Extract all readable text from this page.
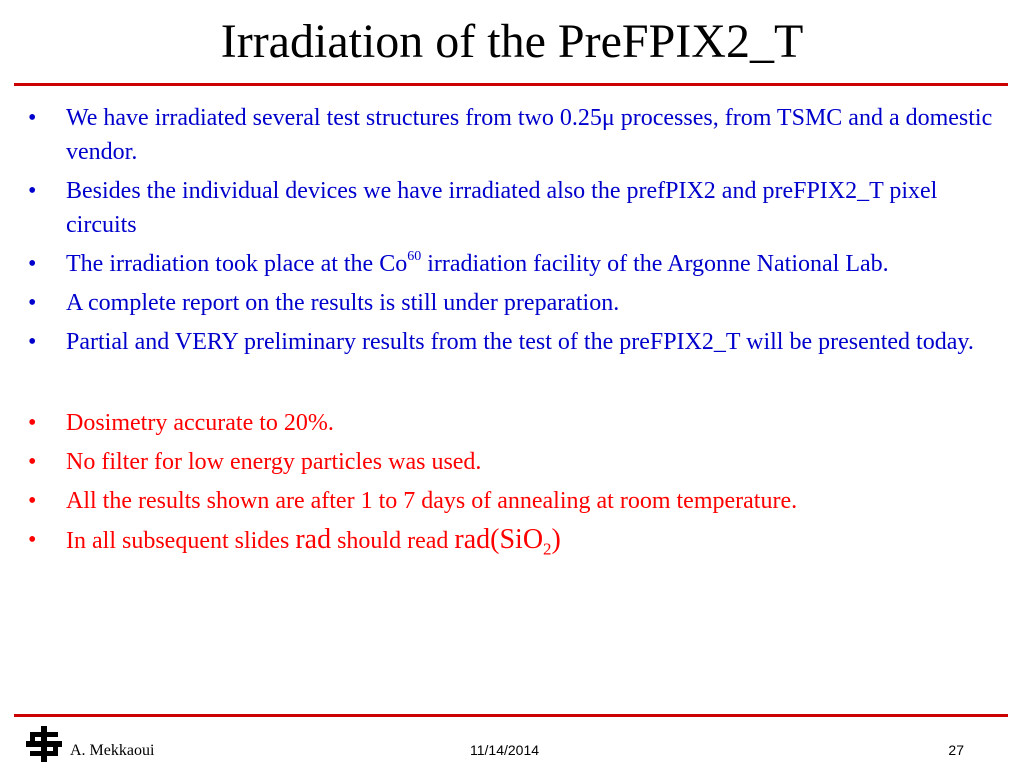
Irradiation of the PreFPIX2_T
• We have irradiated several test structures from two 0.25μ processes, from TSMC and a domestic vendor.
• Besides the individual devices we have irradiated also the prefPIX2 and preFPIX2_T pixel circuits
• The irradiation took place at the Co$^{60}$ irradiation facility of the Argonne National Lab.
• A complete report on the results is still under preparation.
• Partial and VERY preliminary results from the test of the preFPIX2_T will be presented today.
• Dosimetry accurate to 20%.
• No filter for low energy particles was used.
• All the results shown are after 1 to 7 days of annealing at room temperature.
• In all subsequent slides rad should read rad(SiO$_2$)
A. Mekkaoui	11/14/2014	27
